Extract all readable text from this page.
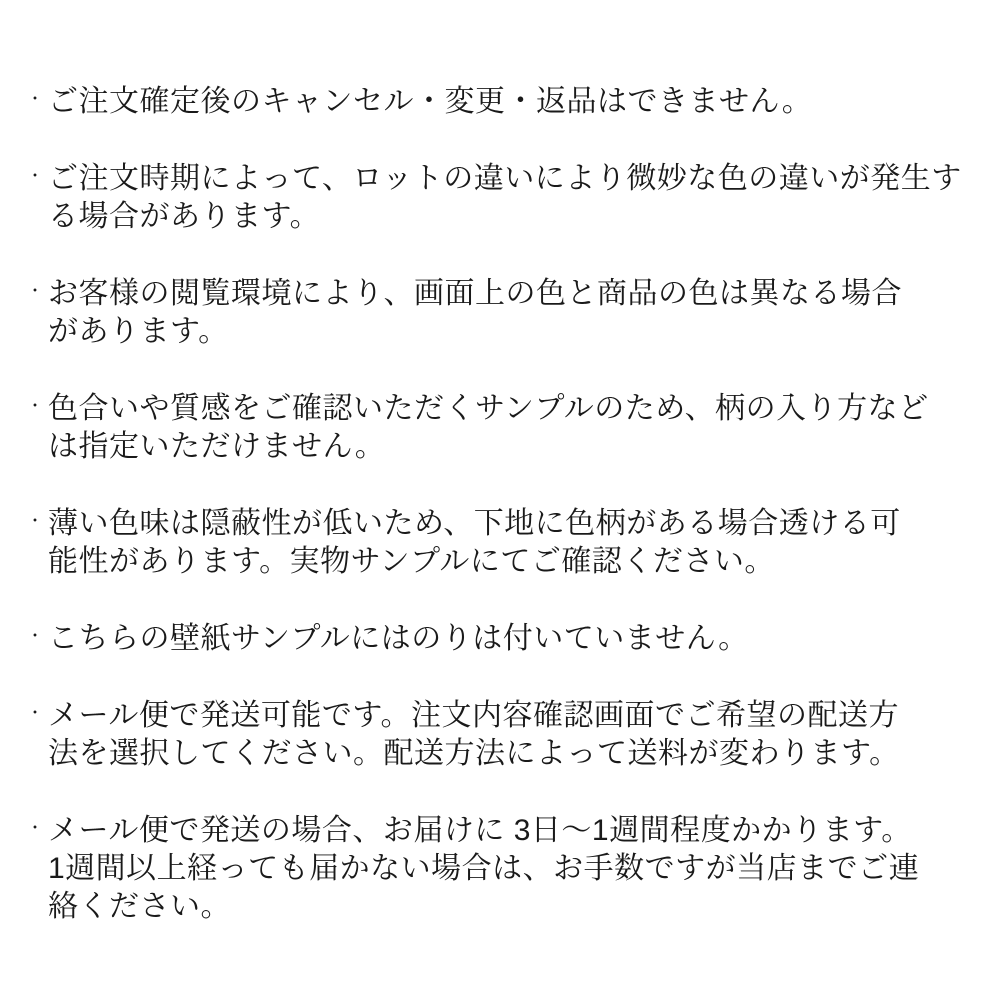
・ ご注文確定後のキャンセル・変更・返品はできません。
・ ご注文時期によって、ロットの違いにより微妙な色の違いが発生す
る場合があります。
・ お客様の閲覧環境により、画面上の色と商品の色は異なる場合
があります。
・ 色合いや質感をご確認いただくサンプルのため、柄の入り方など
は指定いただけません。
・ 薄い色味は隠蔽性が低いため、下地に色柄がある場合透ける可
能性があります。実物サンプルにてご確認ください。
・ こちらの壁紙サンプルにはのりは付いていません。
・ メール便で発送可能です。注文内容確認画面でご希望の配送方
法を選択してください。配送方法によって送料が変わります。
・ メール便で発送の場合、お届けに 3日～1週間程度かかります。
1週間以上経っても届かない場合は、お手数ですが当店までご連
絡ください。
